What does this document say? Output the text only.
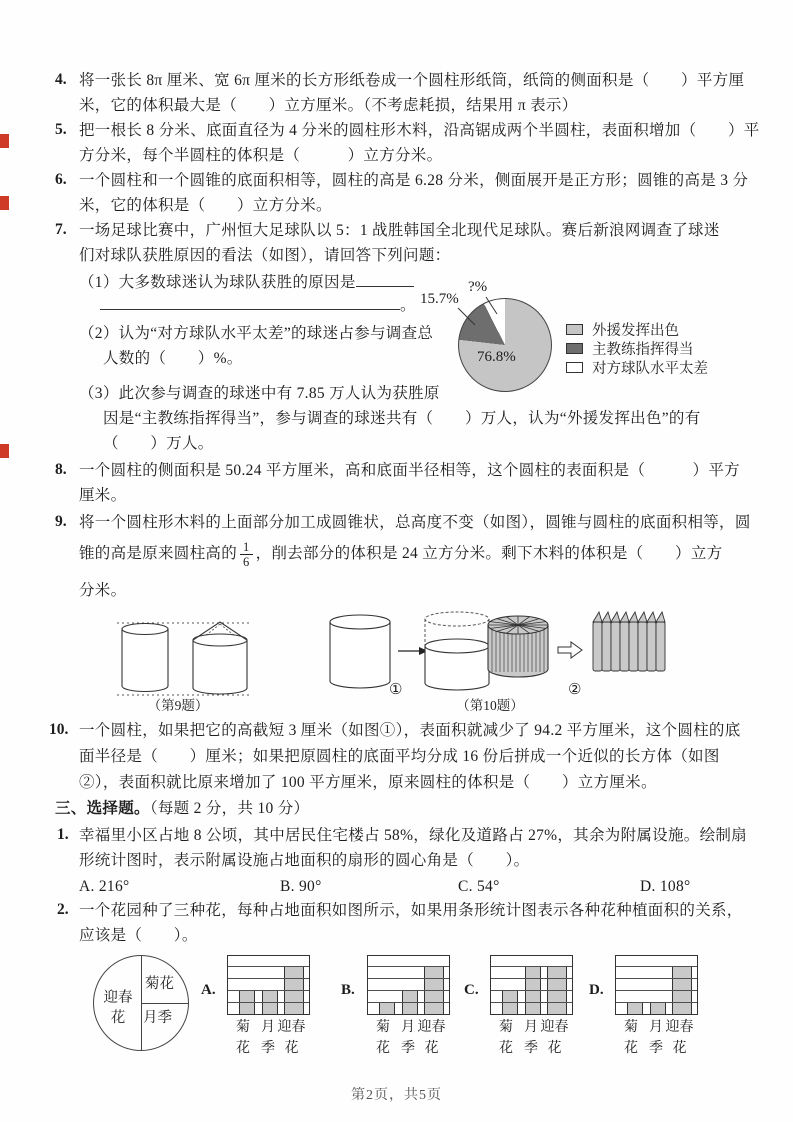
4. 将一张长 8π 厘米、宽 6π 厘米的长方形纸卷成一个圆柱形纸筒，纸筒的侧面积是（　　）平方厘
米，它的体积最大是（　　）立方厘米。（不考虑耗损，结果用 π 表示）
5. 把一根长 8 分米、底面直径为 4 分米的圆柱形木料，沿高锯成两个半圆柱，表面积增加（　　）平
方分米，每个半圆柱的体积是（　　　）立方分米。
6. 一个圆柱和一个圆锥的底面积相等，圆柱的高是 6.28 分米，侧面展开是正方形；圆锥的高是 3 分
米，它的体积是（　　）立方分米。
7. 一场足球比赛中，广州恒大足球队以 5：1 战胜韩国全北现代足球队。赛后新浪网调查了球迷
们对球队获胜原因的看法（如图），请回答下列问题：
（1）大多数球迷认为球队获胜的原因是
。
（2）认为“对方球队水平太差”的球迷占参与调查总
人数的（　　）%。
（3）此次参与调查的球迷中有 7.85 万人认为获胜原
因是“主教练指挥得当”，参与调查的球迷共有（　　）万人，认为“外援发挥出色”的有
（　　）万人。
15.7%
?%
76.8%
外援发挥出色
主教练指挥得当
对方球队水平太差
8. 一个圆柱的侧面积是 50.24 平方厘米，高和底面半径相等，这个圆柱的表面积是（　　　）平方
厘米。
9. 将一个圆柱形木料的上面部分加工成圆锥状，总高度不变（如图），圆锥与圆柱的底面积相等，圆
锥的高是原来圆柱高的 $\frac{1}{6}$ ，削去部分的体积是 24 立方分米。剩下木料的体积是（　　）立方
分米。
（第9题）
①	②
（第10题）
10. 一个圆柱，如果把它的高截短 3 厘米（如图①），表面积就减少了 94.2 平方厘米，这个圆柱的底
面半径是（　　）厘米；如果把原圆柱的底面平均分成 16 份后拼成一个近似的长方体（如图
②），表面积就比原来增加了 100 平方厘米，原来圆柱的体积是（　　）立方厘米。
三、选择题。（每题 2 分，共 10 分）
1. 幸福里小区占地 8 公顷，其中居民住宅楼占 58%，绿化及道路占 27%，其余为附属设施。绘制扇
形统计图时，表示附属设施占地面积的扇形的圆心角是（　　）。
A. 216°	B. 90°	C. 54°	D. 108°
2. 一个花园种了三种花，每种占地面积如图所示，如果用条形统计图表示各种花种植面积的关系，
应该是（　　）。
迎春
花
菊花
月季
A.
菊
花
月
季
迎春
花
B.
菊
花
月
季
迎春
花
C.
菊
花
月
季
迎春
花
D.
菊
花
月
季
迎春
花
第2页，共5页
